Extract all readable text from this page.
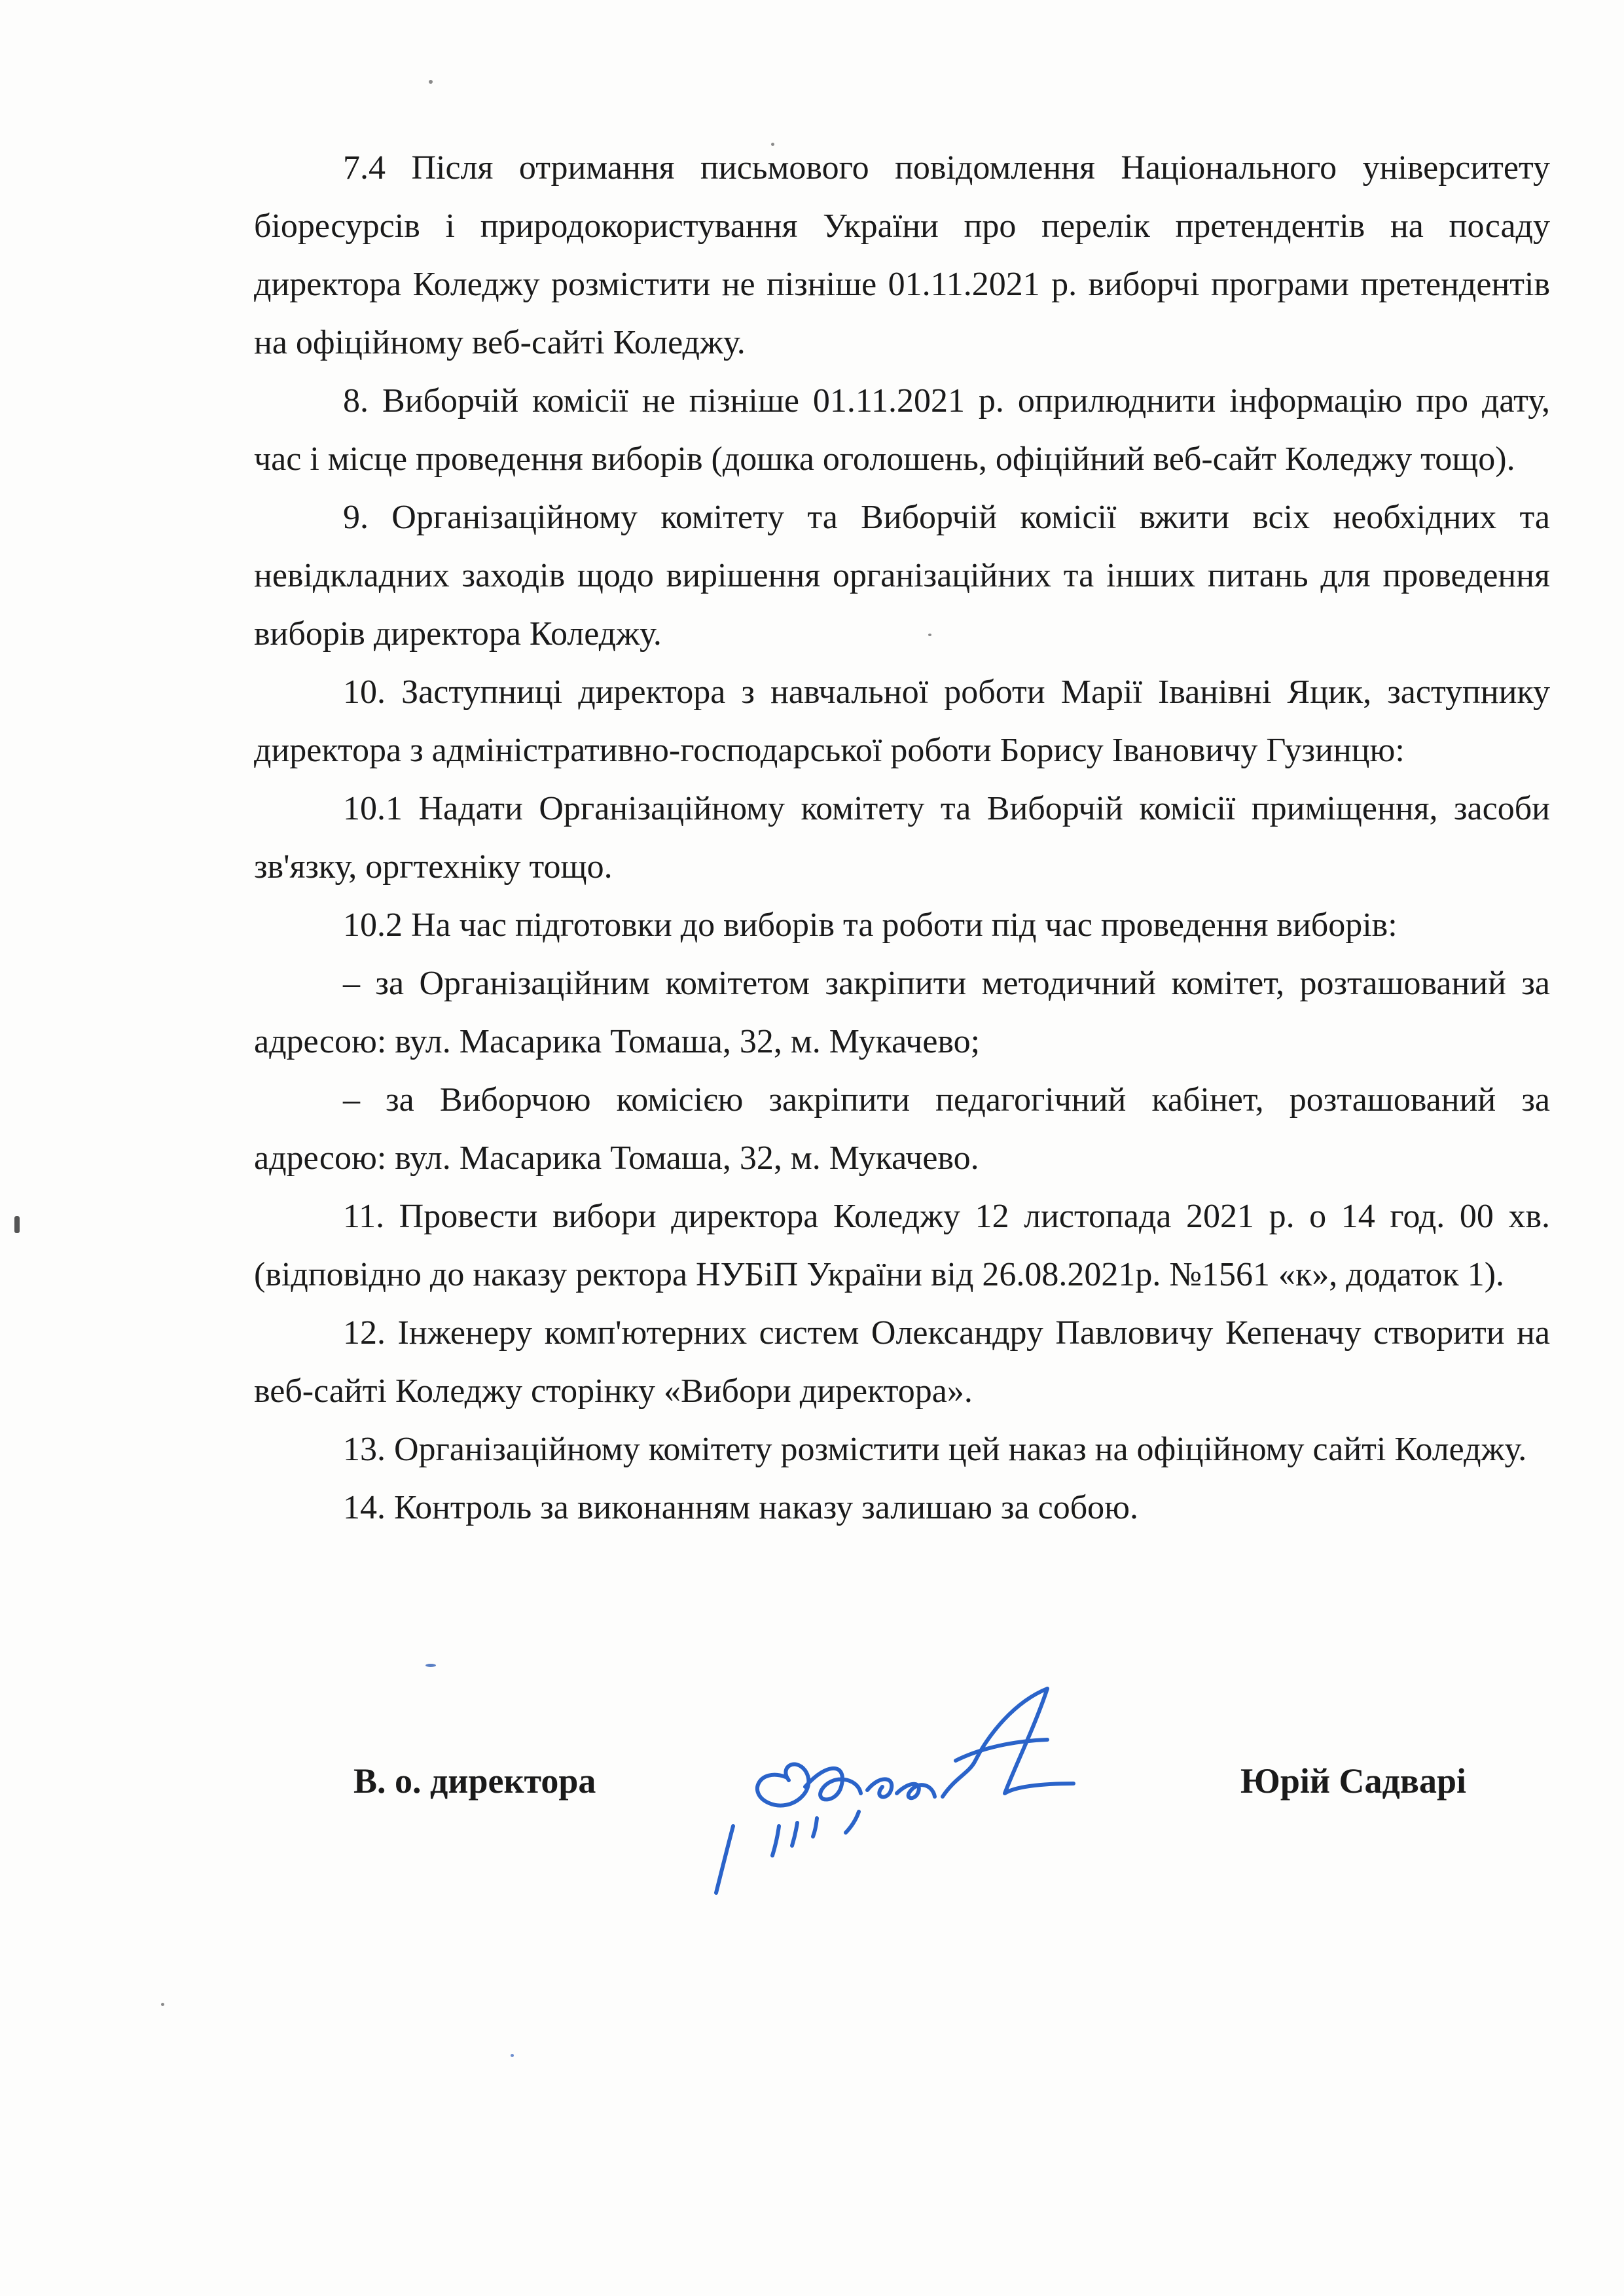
7.4 Після отримання письмового повідомлення Національного університету біоресурсів і природокористування України про перелік претендентів на посаду директора Коледжу розмістити не пізніше 01.11.2021 р. виборчі програми претендентів на офіційному веб-сайті Коледжу.

8. Виборчій комісії не пізніше 01.11.2021 р. оприлюднити інформацію про дату, час і місце проведення виборів (дошка оголошень, офіційний веб-сайт Коледжу тощо).

9. Організаційному комітету та Виборчій комісії вжити всіх необхідних та невідкладних заходів щодо вирішення організаційних та інших питань для проведення виборів директора Коледжу.

10. Заступниці директора з навчальної роботи Марії Іванівні Яцик, заступнику директора з адміністративно-господарської роботи Борису Івановичу Гузинцю:

10.1 Надати Організаційному комітету та Виборчій комісії приміщення, засоби зв'язку, оргтехніку тощо.

10.2 На час підготовки до виборів та роботи під час проведення виборів:

– за Організаційним комітетом закріпити методичний комітет, розташований за адресою: вул. Масарика Томаша, 32, м. Мукачево;

– за Виборчою комісією закріпити педагогічний кабінет, розташований за адресою: вул. Масарика Томаша, 32, м. Мукачево.

11. Провести вибори директора Коледжу 12 листопада 2021 р. о 14 год. 00 хв. (відповідно до наказу ректора НУБіП України від 26.08.2021р. №1561 «к», додаток 1).

12. Інженеру комп'ютерних систем Олександру Павловичу Кепеначу створити на веб-сайті Коледжу сторінку «Вибори директора».

13. Організаційному комітету розмістити цей наказ на офіційному сайті Коледжу.

14. Контроль за виконанням наказу залишаю за собою.

В. о. директора	Юрій Садварі
